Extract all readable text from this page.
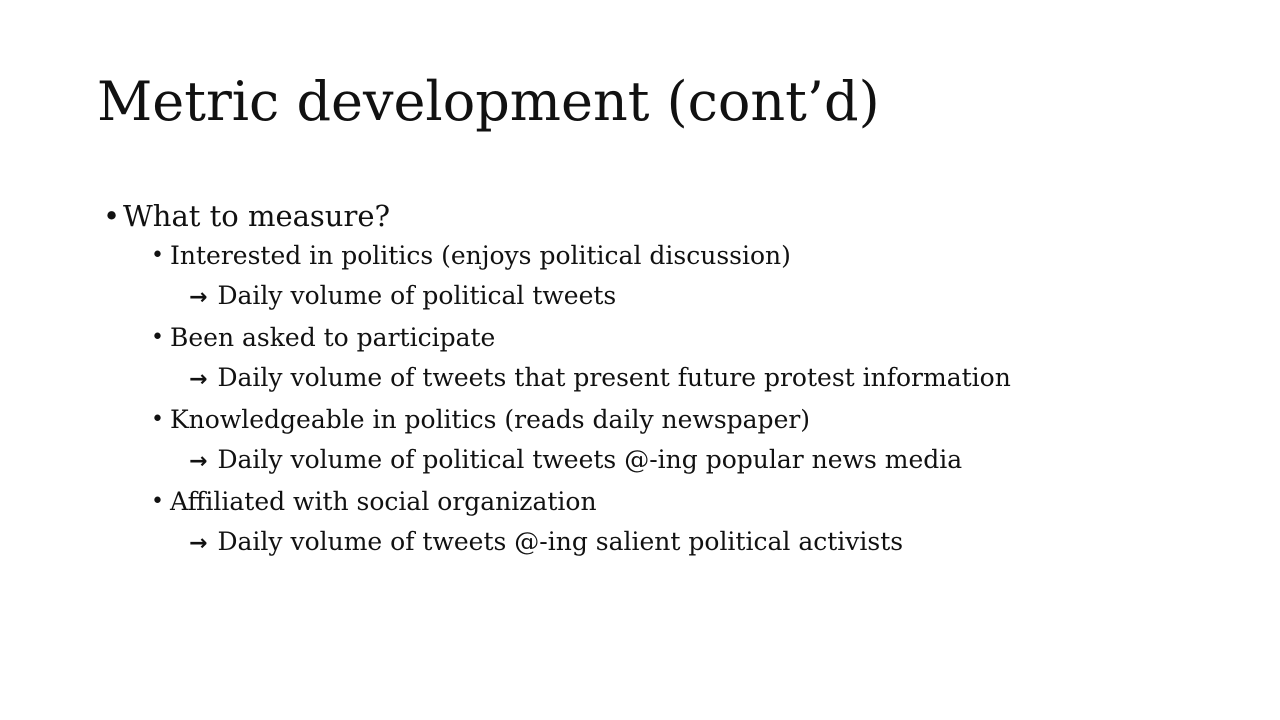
Metric development (cont’d)
• What to measure?
• Interested in politics (enjoys political discussion)
→ Daily volume of political tweets
• Been asked to participate
→ Daily volume of tweets that present future protest information
• Knowledgeable in politics (reads daily newspaper)
→ Daily volume of political tweets @-ing popular news media
• Affiliated with social organization
→ Daily volume of tweets @-ing salient political activists
